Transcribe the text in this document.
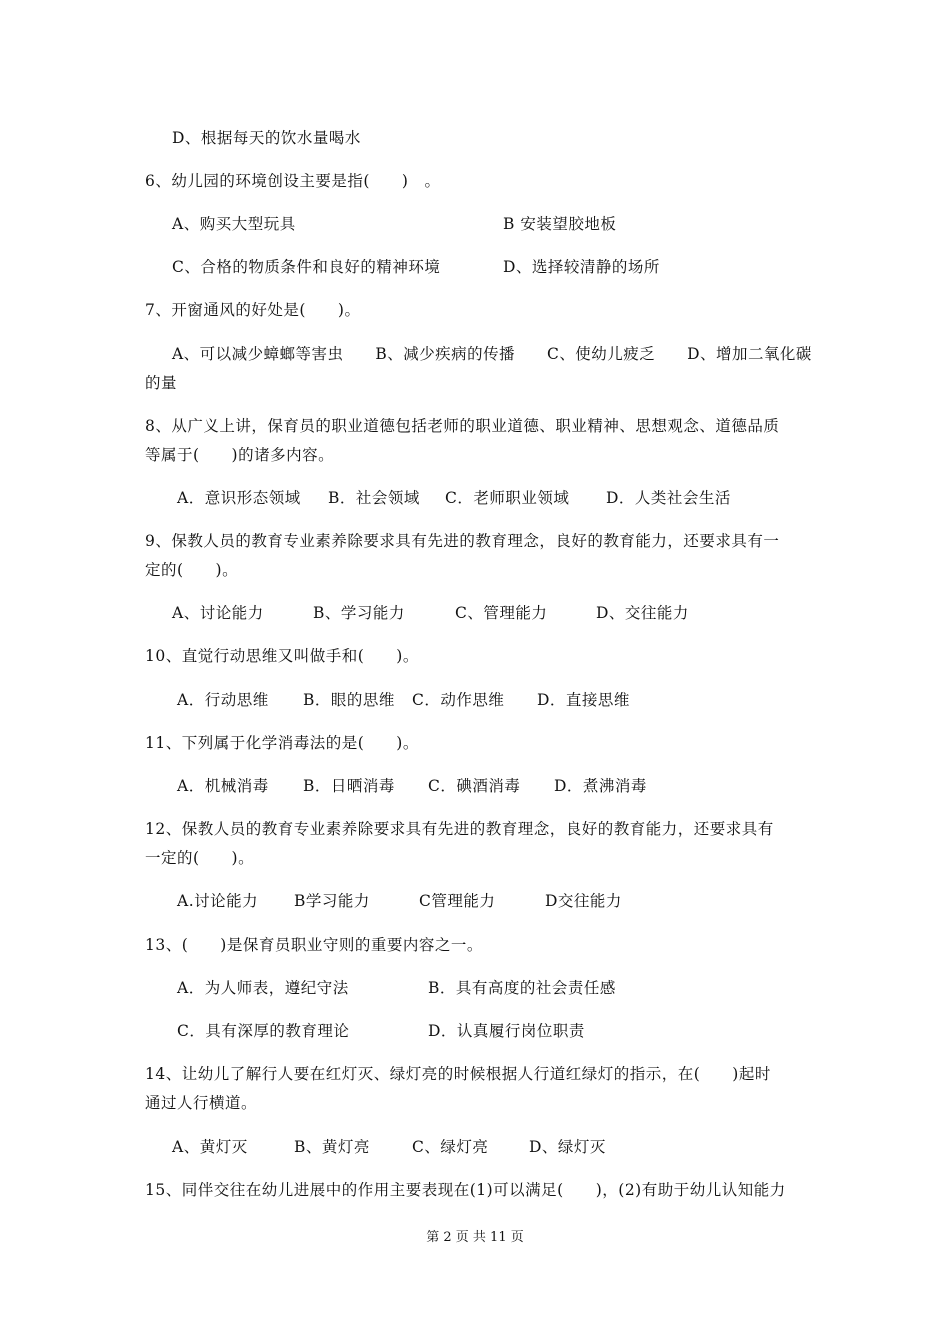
D、根据每天的饮水量喝水
6、幼儿园的环境创设主要是指(　　)　。
A、购买大型玩具	B 安装望胶地板
C、合格的物质条件和良好的精神环境	D、选择较清静的场所
7、开窗通风的好处是(　　)。
A、可以减少蟑螂等害虫　　B、减少疾病的传播　　C、使幼儿疲乏　　D、增加二氧化碳
的量
8、从广义上讲，保育员的职业道德包括老师的职业道德、职业精神、思想观念、道德品质
等属于(　　)的诸多内容。
A．意识形态领域 B．社会领域 C．老师职业领域 D．人类社会生活
9、保教人员的教育专业素养除要求具有先进的教育理念，良好的教育能力，还要求具有一
定的(　　)。
A、讨论能力	B、学习能力	C、管理能力	D、交往能力
10、直觉行动思维又叫做手和(　　)。
A．行动思维 B．眼的思维 C．动作思维 D．直接思维
11、下列属于化学消毒法的是(　　)。
A．机械消毒 B．日晒消毒 C．碘酒消毒 D．煮沸消毒
12、保教人员的教育专业素养除要求具有先进的教育理念，良好的教育能力，还要求具有
一定的(　　)。
A.讨论能力 B学习能力	C管理能力	D交往能力
13、(　　)是保育员职业守则的重要内容之一。
A．为人师表，遵纪守法	B．具有高度的社会责任感
C．具有深厚的教育理论	D．认真履行岗位职责
14、让幼儿了解行人要在红灯灭、绿灯亮的时候根据人行道红绿灯的指示，在(　　)起时
通过人行横道。
A、黄灯灭	B、黄灯亮	C、绿灯亮	D、绿灯灭
15、同伴交往在幼儿进展中的作用主要表现在(1)可以满足(　　)，(2)有助于幼儿认知能力
第 2 页 共 11 页
